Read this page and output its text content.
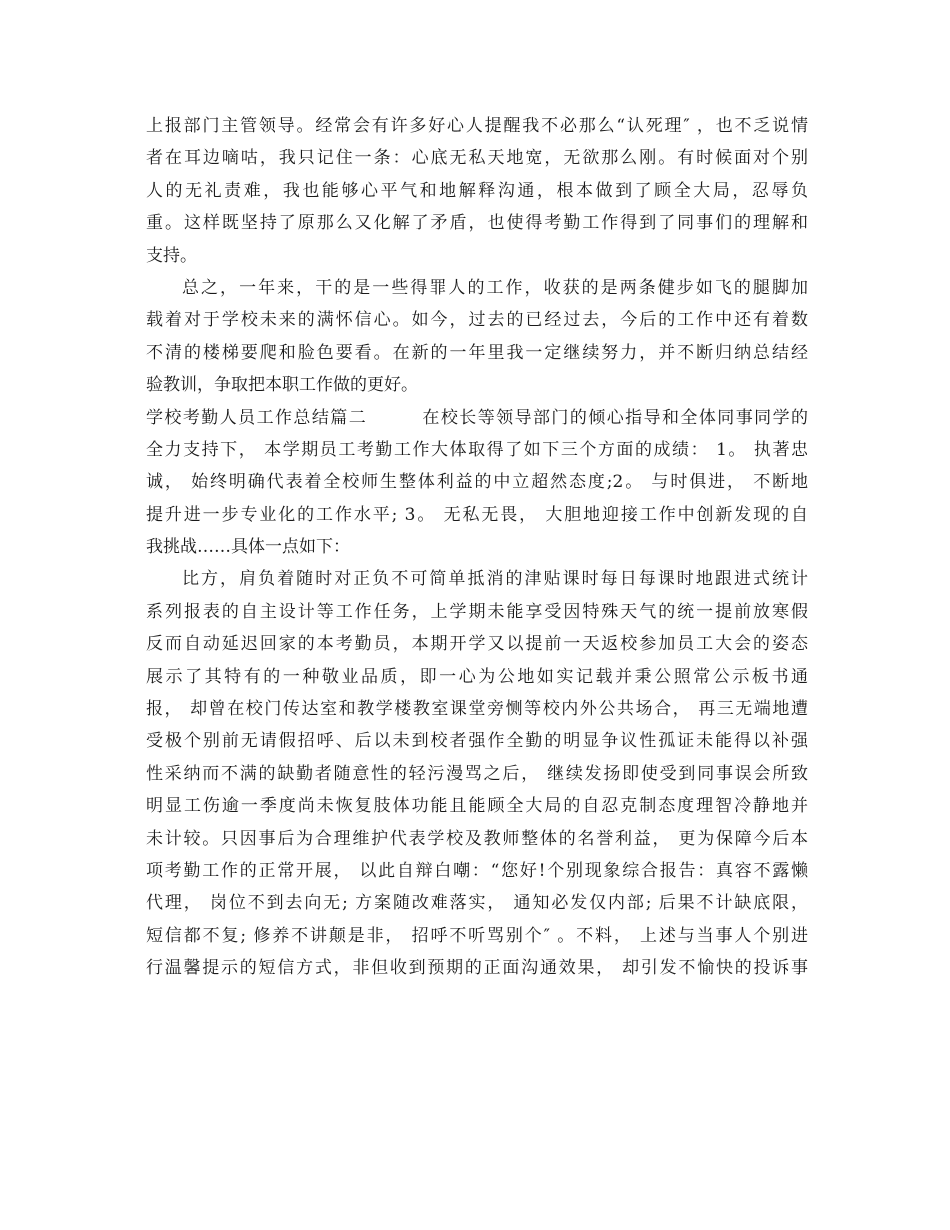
上报部门主管领导。经常会有许多好心人提醒我不必那么“认死理″ ，也不乏说情
者在耳边嘀咕，我只记住一条：心底无私天地宽，无欲那么刚。有时候面对个别
人的无礼责难，我也能够心平气和地解释沟通，根本做到了顾全大局，忍辱负
重。这样既坚持了原那么又化解了矛盾，也使得考勤工作得到了同事们的理解和
支持。
总之，一年来，干的是一些得罪人的工作，收获的是两条健步如飞的腿脚加
载着对于学校未来的满怀信心。如今，过去的已经过去，今后的工作中还有着数
不清的楼梯要爬和脸色要看。在新的一年里我一定继续努力，并不断归纳总结经
验教训，争取把本职工作做的更好。
学校考勤人员工作总结篇二　　　在校长等领导部门的倾心指导和全体同事同学的
全力支持下， 本学期员工考勤工作大体取得了如下三个方面的成绩： 1。 执著忠
诚， 始终明确代表着全校师生整体利益的中立超然态度;2。 与时俱进， 不断地
提升进一步专业化的工作水平; 3。 无私无畏， 大胆地迎接工作中创新发现的自
我挑战……具体一点如下：
比方，肩负着随时对正负不可简单抵消的津贴课时每日每课时地跟进式统计
系列报表的自主设计等工作任务，上学期未能享受因特殊天气的统一提前放寒假
反而自动延迟回家的本考勤员，本期开学又以提前一天返校参加员工大会的姿态
展示了其特有的一种敬业品质，即一心为公地如实记载并秉公照常公示板书通
报， 却曾在校门传达室和教学楼教室课堂旁恻等校内外公共场合， 再三无端地遭
受极个别前无请假招呼、后以未到校者强作全勤的明显争议性孤证未能得以补强
性采纳而不满的缺勤者随意性的轻污漫骂之后， 继续发扬即使受到同事误会所致
明显工伤逾一季度尚未恢复肢体功能且能顾全大局的自忍克制态度理智冷静地并
未计较。只因事后为合理维护代表学校及教师整体的名誉利益， 更为保障今后本
项考勤工作的正常开展， 以此自辩白嘲：“您好!个别现象综合报告：真容不露懒
代理， 岗位不到去向无; 方案随改难落实， 通知必发仅内部; 后果不计缺底限，
短信都不复; 修养不讲颠是非， 招呼不听骂别个″ 。不料， 上述与当事人个别进
行温馨提示的短信方式，非但收到预期的正面沟通效果， 却引发不愉快的投诉事
